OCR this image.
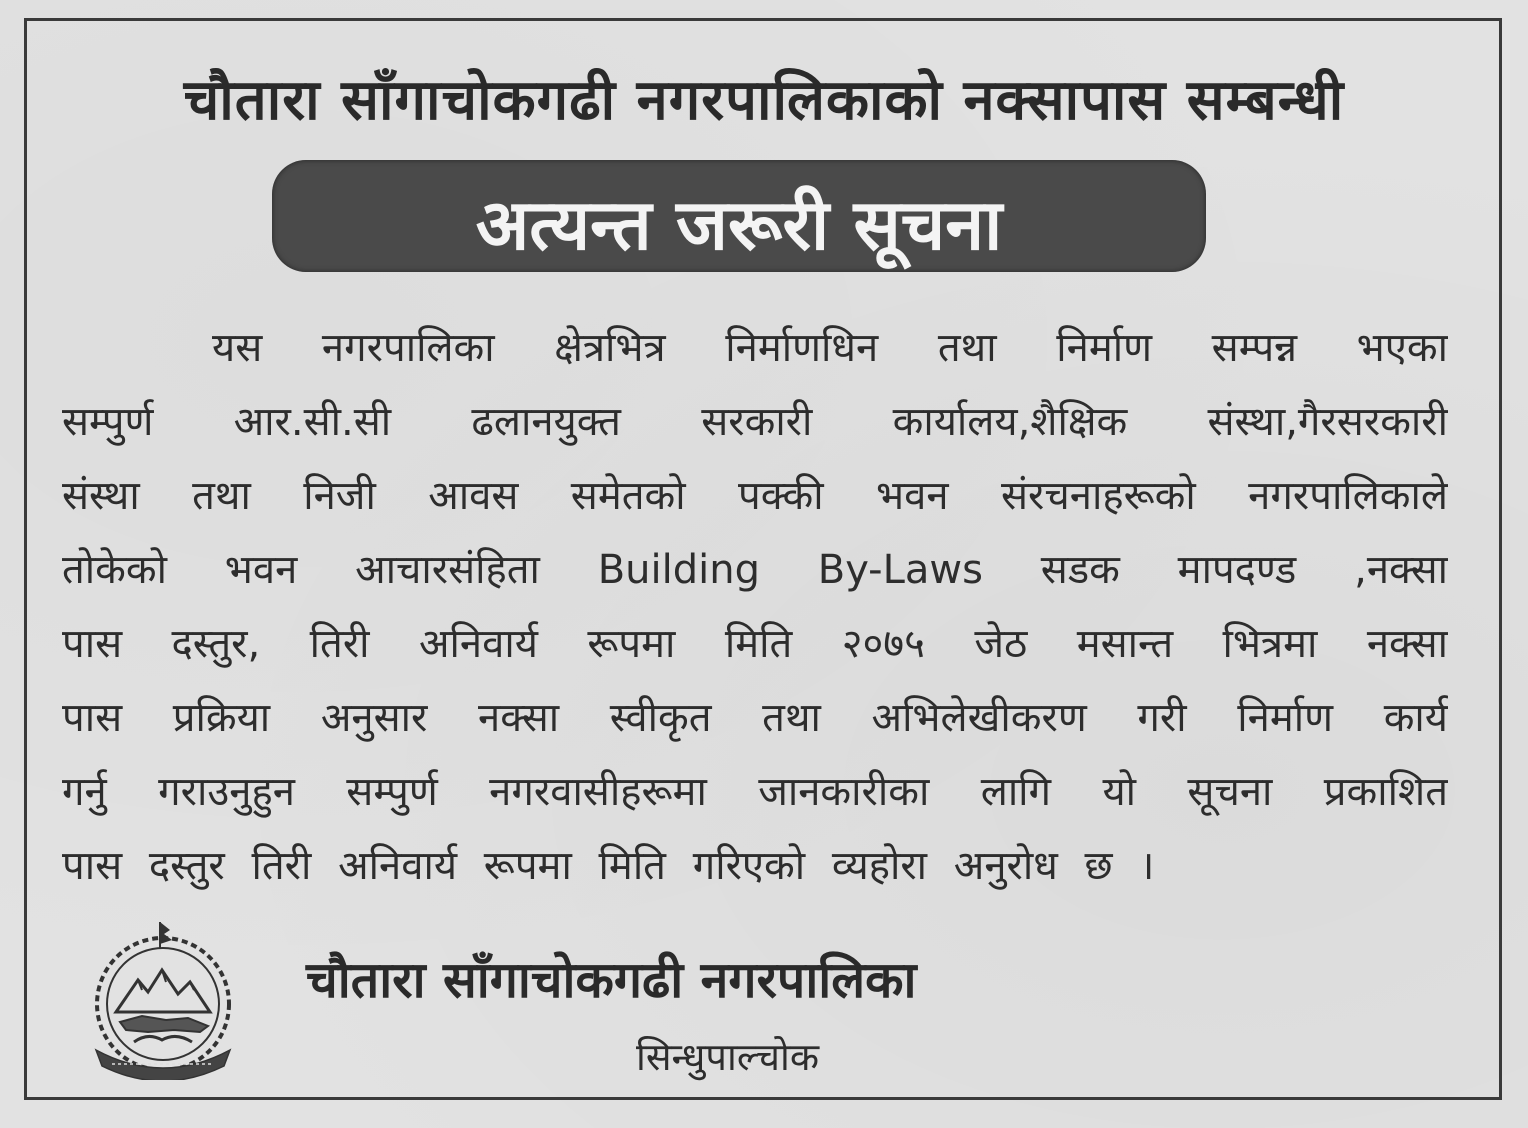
चौतारा साँगाचोकगढी नगरपालिकाको नक्सापास सम्बन्धी
अत्यन्त जरूरी सूचना
यस नगरपालिका क्षेत्रभित्र निर्माणधिन तथा निर्माण सम्पन्न भएका
सम्पुर्ण आर.सी.सी ढलानयुक्त सरकारी कार्यालय,शैक्षिक संस्था,गैरसरकारी
संस्था तथा निजी आवस समेतको पक्की भवन संरचनाहरूको नगरपालिकाले
तोकेको भवन आचारसंहिता Building By-Laws सडक मापदण्ड ,नक्सा
पास दस्तुर, तिरी अनिवार्य रूपमा मिति २०७५ जेठ मसान्त भित्रमा नक्सा
पास प्रक्रिया अनुसार नक्सा स्वीकृत तथा अभिलेखीकरण गरी निर्माण कार्य
गर्नु गराउनुहुन सम्पुर्ण नगरवासीहरूमा जानकारीका लागि यो सूचना प्रकाशित
पास दस्तुर तिरी अनिवार्य रूपमा मिति गरिएको व्यहोरा अनुरोध छ ।
चौतारा साँगाचोकगढी नगरपालिका
सिन्धुपाल्चोक
